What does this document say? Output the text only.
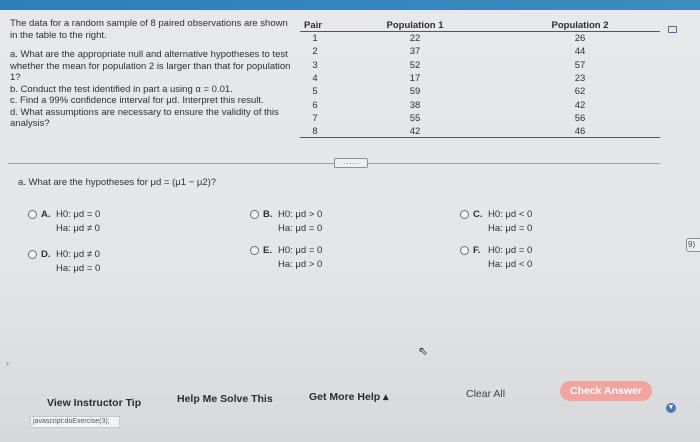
The data for a random sample of 8 paired observations are shown in the table to the right.

a. What are the appropriate null and alternative hypotheses to test whether the mean for population 2 is larger than that for population 1?

b. Conduct the test identified in part a using α = 0.01.

c. Find a 99% confidence interval for μd. Interpret this result.

d. What assumptions are necessary to ensure the validity of this analysis?

Pair	Population 1	Population 2
1	22	26
2	37	44
3	52	57
4	17	23
5	59	62
6	38	42
7	55	56
8	42	46
.....
a. What are the hypotheses for μd = (μ1 − μ2)?
A. H0: μd = 0
Ha: μd ≠ 0
B. H0: μd > 0
Ha: μd = 0
C. H0: μd < 0
Ha: μd = 0
D. H0: μd ≠ 0
Ha: μd = 0
E. H0: μd = 0
Ha: μd > 0
F. H0: μd = 0
Ha: μd < 0
9)
›
⇖
View Instructor Tip	Help Me Solve This	Get More Help ▴	Clear All	Check Answer
▼
javascript:doExercise(3);
